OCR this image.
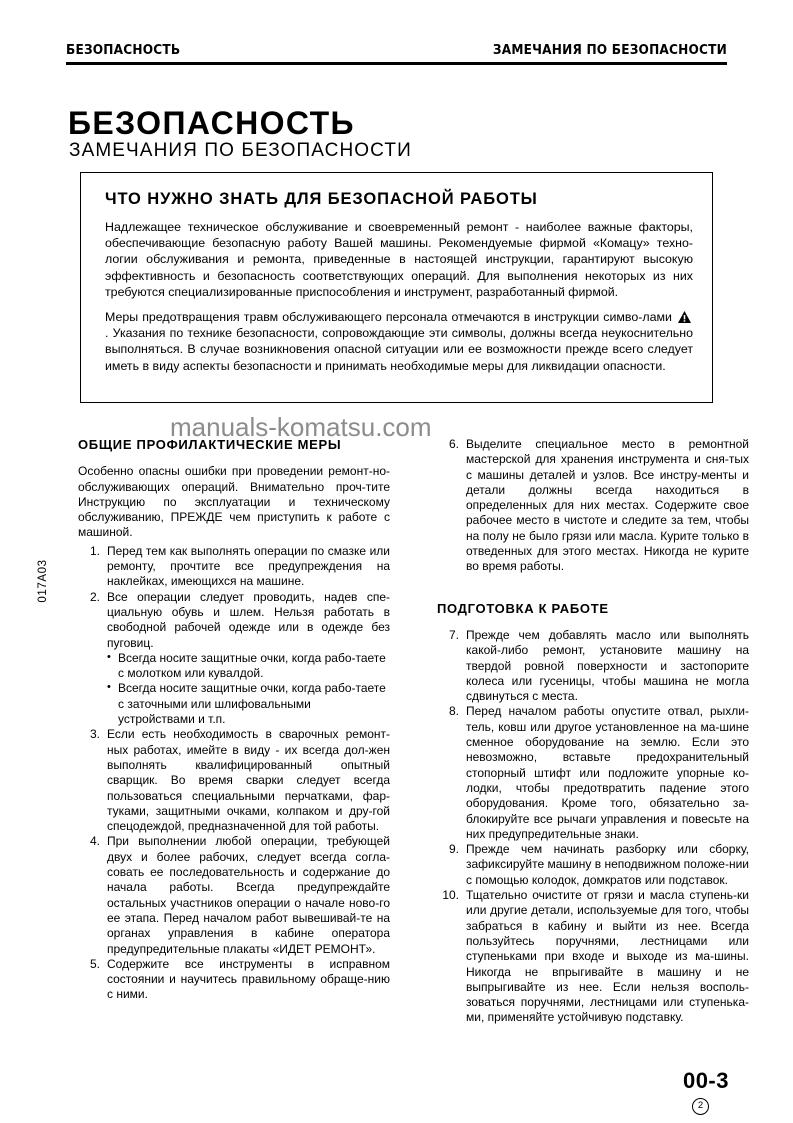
БЕЗОПАСНОСТЬ	ЗАМЕЧАНИЯ ПО БЕЗОПАСНОСТИ
БЕЗОПАСНОСТЬ
ЗАМЕЧАНИЯ ПО БЕЗОПАСНОСТИ
ЧТО НУЖНО ЗНАТЬ ДЛЯ БЕЗОПАСНОЙ РАБОТЫ
Надлежащее техническое обслуживание и своевременный ремонт - наиболее важные факторы, обеспечивающие безопасную работу Вашей машины. Рекомендуемые фирмой «Комацу» техно-логии обслуживания и ремонта, приведенные в настоящей инструкции, гарантируют высокую эффективность и безопасность соответствующих операций. Для выполнения некоторых из них требуются специализированные приспособления и инструмент, разработанный фирмой.
Меры предотвращения травм обслуживающего персонала отмечаются в инструкции симво-лами
. Указания по технике безопасности, сопровождающие эти символы, должны всегда неукоснительно выполняться. В случае возникновения опасной ситуации или ее возможности прежде всего следует иметь в виду аспекты безопасности и принимать необходимые меры для ликвидации опасности.
manuals-komatsu.com
017A03
ОБЩИЕ ПРОФИЛАКТИЧЕСКИЕ МЕРЫ

Особенно опасны ошибки при проведении ремонт-но-обслуживающих операций. Внимательно проч-тите Инструкцию по эксплуатации и техническому обслуживанию, ПРЕЖДЕ чем приступить к работе с машиной.

1. Перед тем как выполнять операции по смазке или ремонту, прочтите все предупреждения на наклейках, имеющихся на машине.
2. Все операции следует проводить, надев спе-циальную обувь и шлем. Нельзя работать в свободной рабочей одежде или в одежде без пуговиц.
• Всегда носите защитные очки, когда рабо-таете с молотком или кувалдой.
• Всегда носите защитные очки, когда рабо-таете с заточными или шлифовальными устройствами и т.п.
3. Если есть необходимость в сварочных ремонт-ных работах, имейте в виду - их всегда дол-жен выполнять квалифицированный опытный сварщик. Во время сварки следует всегда пользоваться специальными перчатками, фар-туками, защитными очками, колпаком и дру-гой спецодеждой, предназначенной для той работы.
4. При выполнении любой операции, требующей двух и более рабочих, следует всегда согла-совать ее последовательность и содержание до начала работы. Всегда предупреждайте остальных участников операции о начале ново-го ее этапа. Перед началом работ вывешивай-те на органах управления в кабине оператора предупредительные плакаты «ИДЕТ РЕМОНТ».
5. Содержите все инструменты в исправном состоянии и научитесь правильному обраще-нию с ними.
6. Выделите специальное место в ремонтной мастерской для хранения инструмента и сня-тых с машины деталей и узлов. Все инстру-менты и детали должны всегда находиться в определенных для них местах. Содержите свое рабочее место в чистоте и следите за тем, чтобы на полу не было грязи или масла. Курите только в отведенных для этого местах. Никогда не курите во время работы.
ПОДГОТОВКА К РАБОТЕ
7. Прежде чем добавлять масло или выполнять какой-либо ремонт, установите машину на твердой ровной поверхности и застопорите колеса или гусеницы, чтобы машина не могла сдвинуться с места.
8. Перед началом работы опустите отвал, рыхли-тель, ковш или другое установленное на ма-шине сменное оборудование на землю. Если это невозможно, вставьте предохранительный стопорный штифт или подложите упорные ко-лодки, чтобы предотвратить падение этого оборудования. Кроме того, обязательно за-блокируйте все рычаги управления и повесьте на них предупредительные знаки.
9. Прежде чем начинать разборку или сборку, зафиксируйте машину в неподвижном положе-нии с помощью колодок, домкратов или подставок.
10. Тщательно очистите от грязи и масла ступень-ки или другие детали, используемые для того, чтобы забраться в кабину и выйти из нее. Всегда пользуйтесь поручнями, лестницами или ступеньками при входе и выходе из ма-шины. Никогда не впрыгивайте в машину и не выпрыгивайте из нее. Если нельзя восполь-зоваться поручнями, лестницами или ступенька-ми, применяйте устойчивую подставку.
00-3
2
